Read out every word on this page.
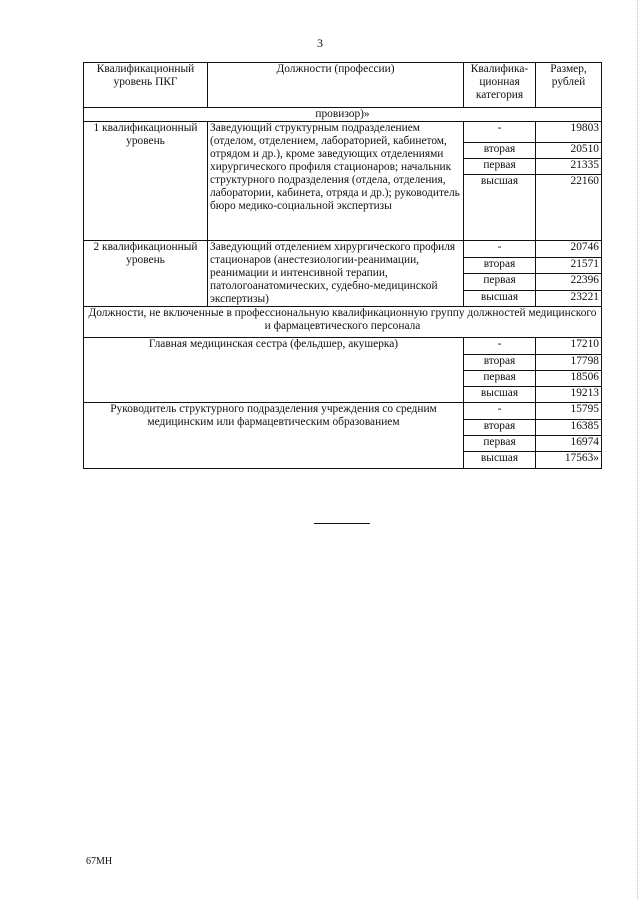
3
Квалификационный уровень ПКГ	Должности (профессии)	Квалифика-ционная категория	Размер, рублей
провизор)»			
1 квалификационный уровень	Заведующий структурным подразделением (отделом, отделением, лабораторией, кабинетом, отрядом и др.), кроме заведующих отделениями хирургического профиля стационаров; начальник структурного подразделения (отдела, отделения, лаборатории, кабинета, отряда и др.); руководитель бюро медико-социальной экспертизы	-	19803
		вторая	20510
		первая	21335
		высшая	22160
2 квалификационный уровень	Заведующий отделением хирургического профиля стационаров (анестезиологии-реанимации, реанимации и интенсивной терапии, патологоанатомических, судебно-медицинской экспертизы)	-	20746
		вторая	21571
		первая	22396
		высшая	23221
Должности, не включенные в профессиональную квалификационную группу должностей медицинского и фармацевтического персонала			
Главная медицинская сестра (фельдшер, акушерка)		-	17210
		вторая	17798
		первая	18506
		высшая	19213
Руководитель структурного подразделения учреждения со средним медицинским или фармацевтическим образованием		-	15795
		вторая	16385
		первая	16974
		высшая	17563»
67МН
